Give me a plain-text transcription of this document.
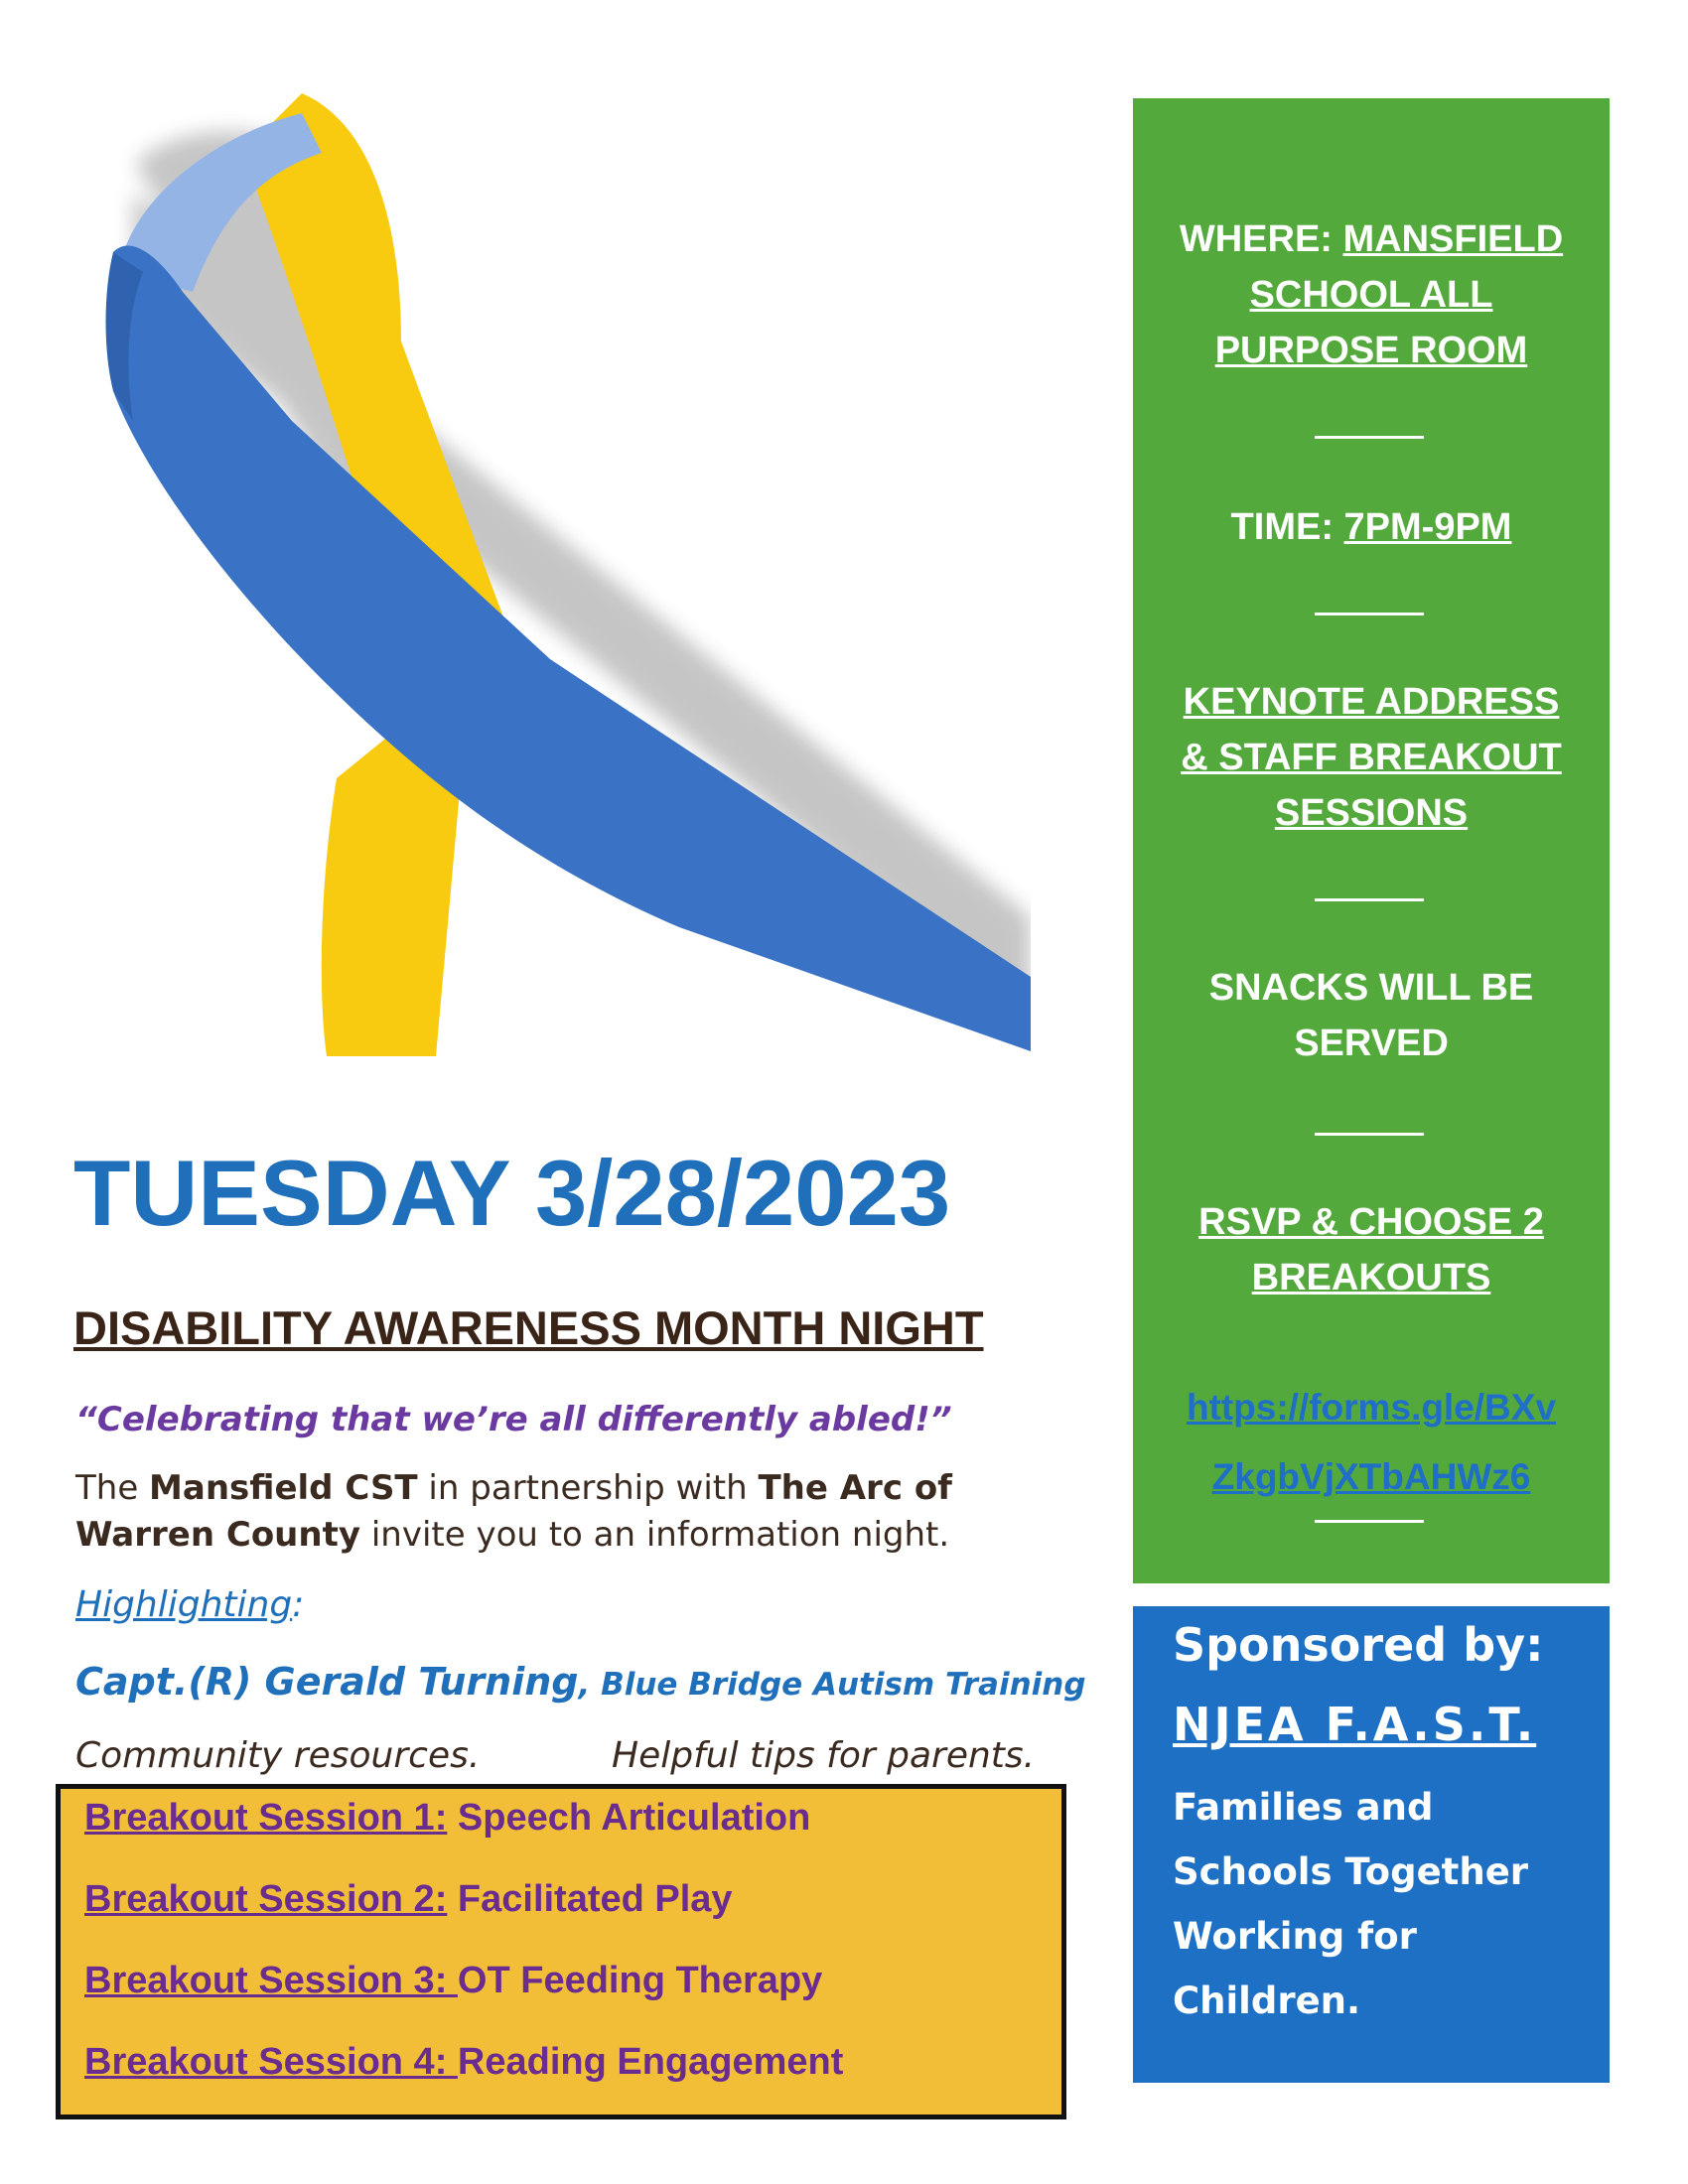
TUESDAY 3/28/2023
DISABILITY AWARENESS MONTH NIGHT
“Celebrating that we’re all differently abled!”
The Mansfield CST in partnership with The Arc of Warren County invite you to an information night.
Highlighting:
Capt.(R) Gerald Turning, Blue Bridge Autism Training
Community resources.	Helpful tips for parents.
Breakout Session 1: Speech Articulation
Breakout Session 2: Facilitated Play
Breakout Session 3: OT Feeding Therapy
Breakout Session 4: Reading Engagement
WHERE: MANSFIELD
SCHOOL ALL
PURPOSE ROOM
TIME: 7PM-9PM
KEYNOTE ADDRESS
& STAFF BREAKOUT
SESSIONS
SNACKS WILL BE
SERVED
RSVP & CHOOSE 2
BREAKOUTS
https://forms.gle/BXv
ZkgbVjXTbAHWz6
Sponsored by:
NJEA F.A.S.T.
Families and Schools Together Working for Children.
